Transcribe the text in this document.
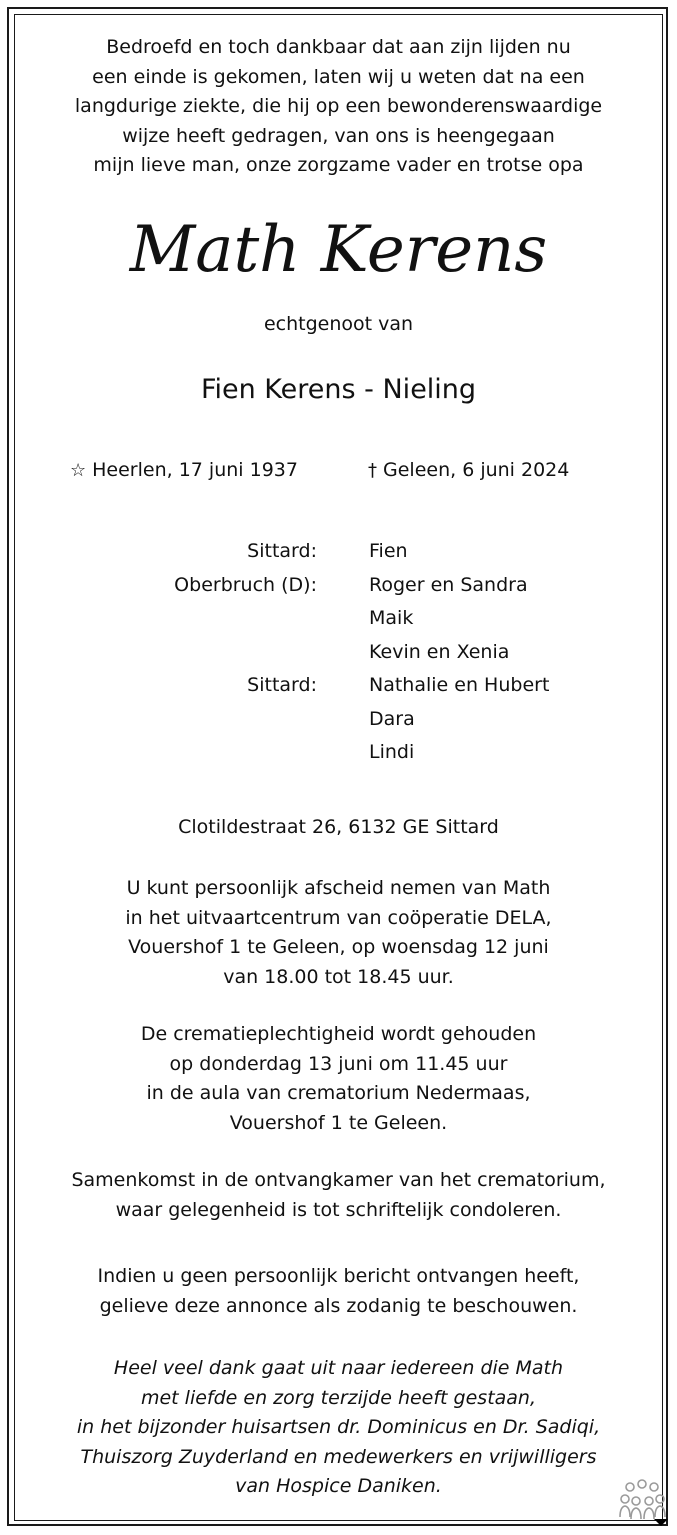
Bedroefd en toch dankbaar dat aan zijn lijden nu
een einde is gekomen, laten wij u weten dat na een
langdurige ziekte, die hij op een bewonderenswaardige
wijze heeft gedragen, van ons is heengegaan
mijn lieve man, onze zorgzame vader en trotse opa
Math Kerens
echtgenoot van
Fien Kerens - Nieling
☆ Heerlen, 17 juni 1937	† Geleen, 6 juni 2024
Sittard:	Fien
Oberbruch (D):	Roger en Sandra
Maik
Kevin en Xenia
Sittard:	Nathalie en Hubert
Dara
Lindi
Clotildestraat 26, 6132 GE Sittard
U kunt persoonlijk afscheid nemen van Math
in het uitvaartcentrum van coöperatie DELA,
Vouershof 1 te Geleen, op woensdag 12 juni
van 18.00 tot 18.45 uur.
De crematieplechtigheid wordt gehouden
op donderdag 13 juni om 11.45 uur
in de aula van crematorium Nedermaas,
Vouershof 1 te Geleen.
Samenkomst in de ontvangkamer van het crematorium,
waar gelegenheid is tot schriftelijk condoleren.
Indien u geen persoonlijk bericht ontvangen heeft,
gelieve deze annonce als zodanig te beschouwen.
Heel veel dank gaat uit naar iedereen die Math
met liefde en zorg terzijde heeft gestaan,
in het bijzonder huisartsen dr. Dominicus en Dr. Sadiqi,
Thuiszorg Zuyderland en medewerkers en vrijwilligers
van Hospice Daniken.
